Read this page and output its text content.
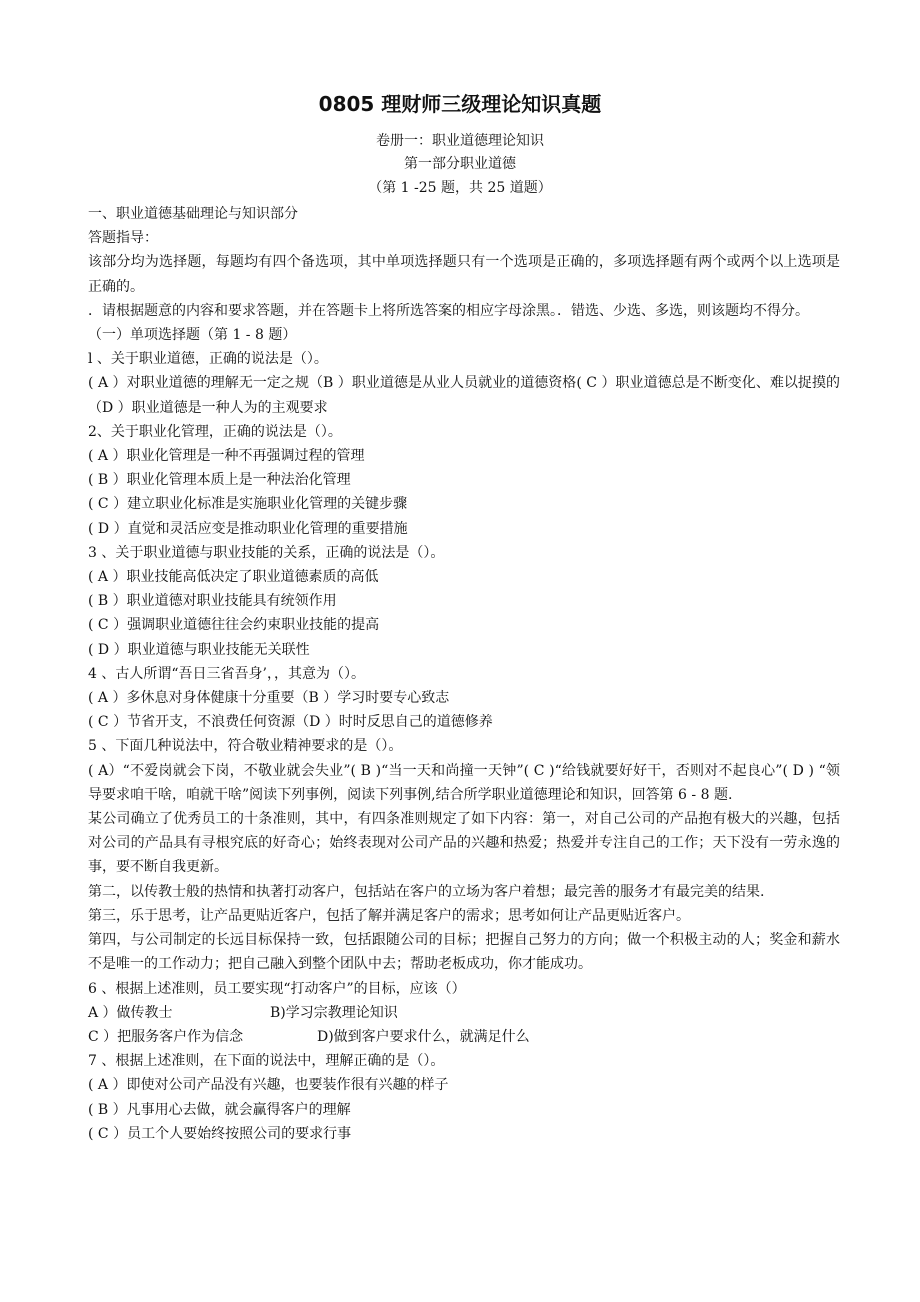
0805 理财师三级理论知识真题
卷册一：职业道德理论知识
第一部分职业道德
（第 1 -25 题，共 25 道题）

一、职业道德基础理论与知识部分

答题指导：

该部分均为选择题，每题均有四个备选项，其中单项选择题只有一个选项是正确的，多项选择题有两个或两个以上选项是正确的。

．请根据题意的内容和要求答题，并在答题卡上将所选答案的相应字母涂黑。．错选、少选、多选，则该题均不得分。

（一）单项选择题（第 1 - 8 题）

l 、关于职业道德，正确的说法是（）。

( A ）对职业道德的理解无一定之规（B ）职业道德是从业人员就业的道德资格( C ）职业道德总是不断变化、难以捉摸的（D ）职业道德是一种人为的主观要求

2、关于职业化管理，正确的说法是（）。

( A ）职业化管理是一种不再强调过程的管理

( B ）职业化管理本质上是一种法治化管理

( C ）建立职业化标准是实施职业化管理的关键步骤

( D ）直觉和灵活应变是推动职业化管理的重要措施

3 、关于职业道德与职业技能的关系，正确的说法是（）。

( A ）职业技能高低决定了职业道德素质的高低

( B ）职业道德对职业技能具有统领作用

( C ）强调职业道德往往会约束职业技能的提高

( D ）职业道德与职业技能无关联性

4 、古人所谓“吾日三省吾身’，，其意为（）。

( A ）多休息对身体健康十分重要（B ）学习时要专心致志

( C ）节省开支，不浪费任何资源（D ）时时反思自己的道德修养

5 、下面几种说法中，符合敬业精神要求的是（）。

( A）“不爱岗就会下岗，不敬业就会失业”( B )“当一天和尚撞一天钟”( C )“给钱就要好好干，否则对不起良心”( D ) “领导要求咱干啥，咱就干啥”阅读下列事例，阅读下列事例,结合所学职业道德理论和知识，回答第 6 - 8 题.

某公司确立了优秀员工的十条准则，其中，有四条准则规定了如下内容：第一，对自己公司的产品抱有极大的兴趣，包括对公司的产品具有寻根究底的好奇心；始终表现对公司产品的兴趣和热爱；热爱并专注自己的工作；天下没有一劳永逸的事，要不断自我更新。

第二，以传教士般的热情和执著打动客户，包括站在客户的立场为客户着想；最完善的服务才有最完美的结果.

第三，乐于思考，让产品更贴近客户，包括了解并满足客户的需求；思考如何让产品更贴近客户。

第四，与公司制定的长远目标保持一致，包括跟随公司的目标；把握自己努力的方向；做一个积极主动的人；奖金和薪水不是唯一的工作动力；把自己融入到整个团队中去；帮助老板成功，你才能成功。

6 、根据上述准则，员工要实现“打动客户”的目标，应该（）

A ）做传教士	B)学习宗教理论知识

C ）把服务客户作为信念	D)做到客户要求什么，就满足什么

7 、根据上述准则，在下面的说法中，理解正确的是（）。

( A ）即使对公司产品没有兴趣，也要装作很有兴趣的样子

( B ）凡事用心去做，就会赢得客户的理解

( C ）员工个人要始终按照公司的要求行事
